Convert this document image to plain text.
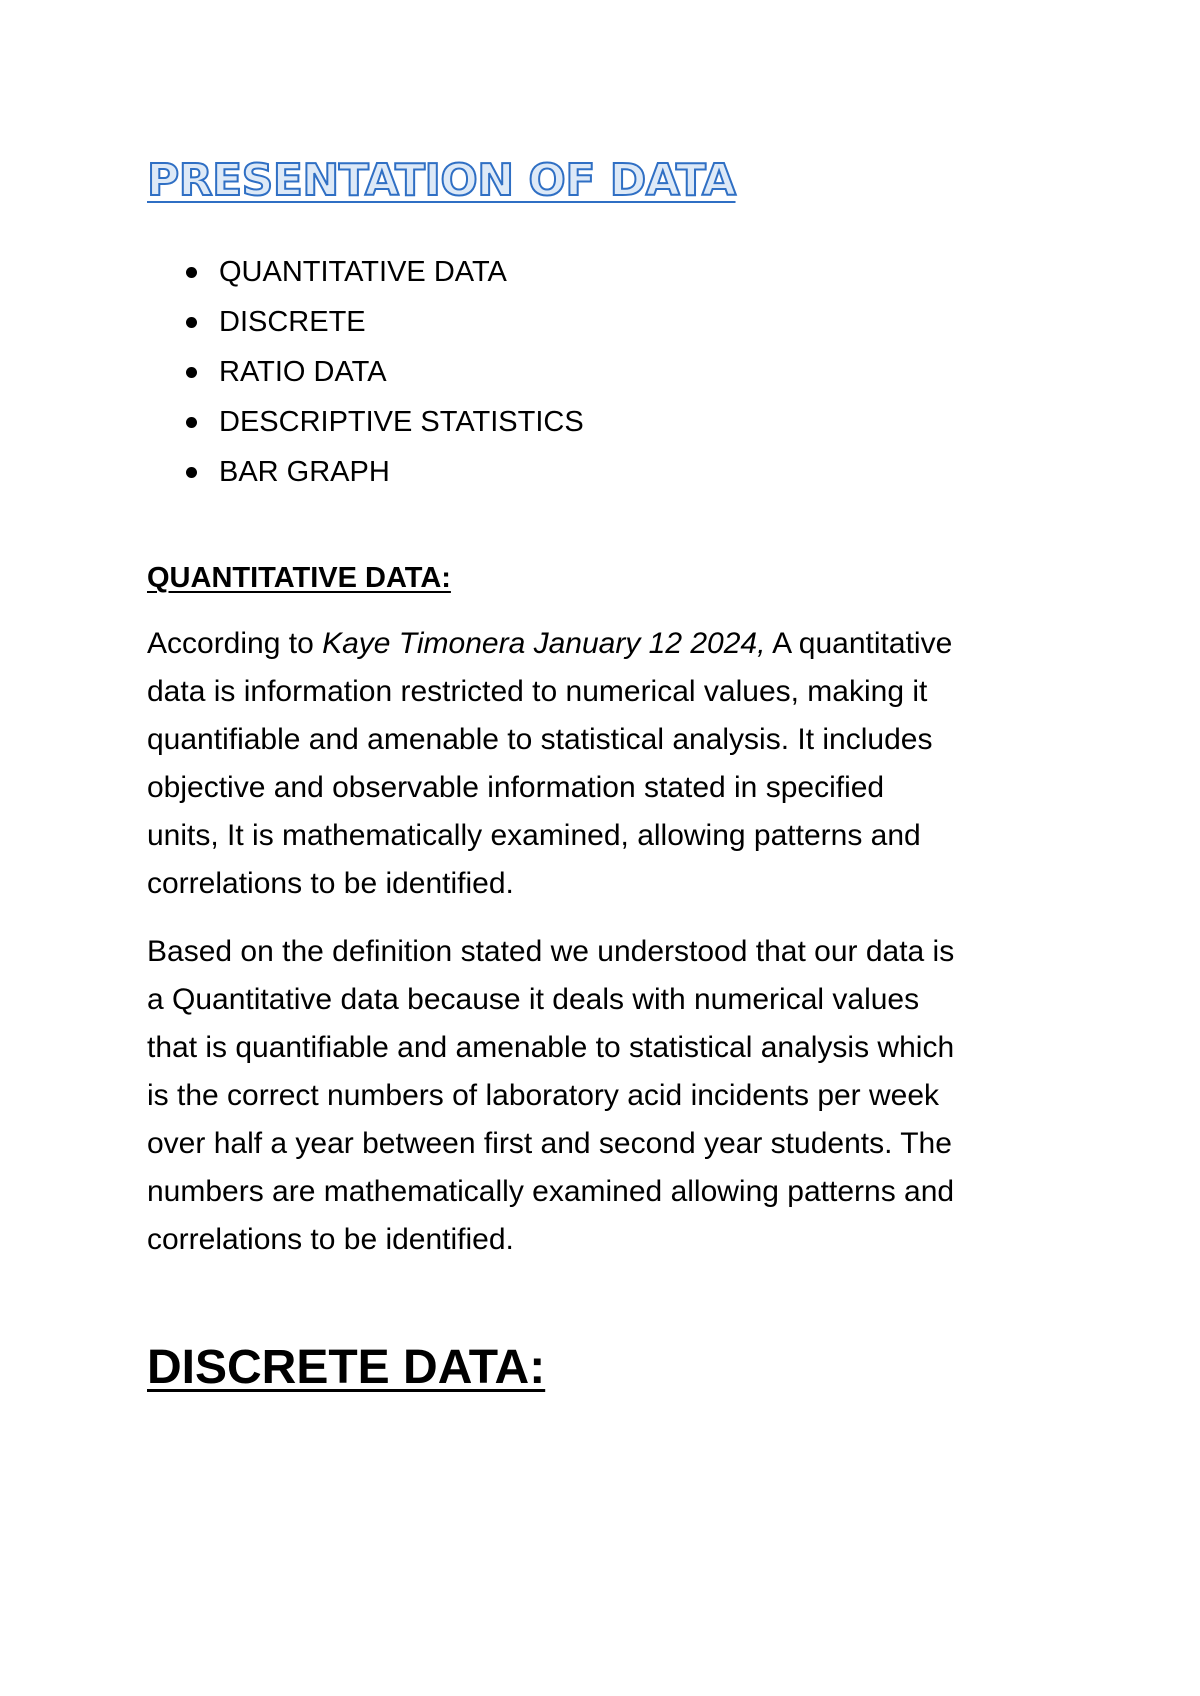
PRESENTATION OF DATA
QUANTITATIVE DATA
DISCRETE
RATIO DATA
DESCRIPTIVE STATISTICS
BAR GRAPH
QUANTITATIVE DATA:
According to Kaye Timonera January 12 2024, A quantitative
data is information restricted to numerical values, making it
quantifiable and amenable to statistical analysis. It includes
objective and observable information stated in specified
units, It is mathematically examined, allowing patterns and
correlations to be identified.
Based on the definition stated we understood that our data is
a Quantitative data because it deals with numerical values
that is quantifiable and amenable to statistical analysis which
is the correct numbers of laboratory acid incidents per week
over half a year between first and second year students. The
numbers are mathematically examined allowing patterns and
correlations to be identified.
DISCRETE DATA:
